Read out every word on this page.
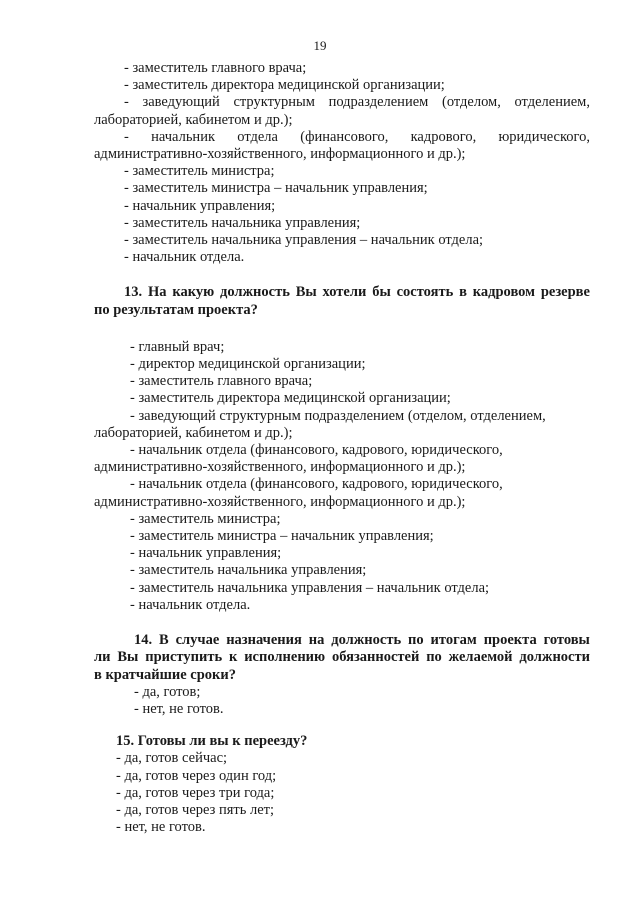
19
- заместитель главного врача;
- заместитель директора медицинской организации;
- заведующий структурным подразделением (отделом, отделением,
лабораторией, кабинетом и др.);
- начальник отдела (финансового, кадрового, юридического,
административно-хозяйственного, информационного и др.);
- заместитель министра;
- заместитель министра – начальник управления;
- начальник управления;
- заместитель начальника управления;
- заместитель начальника управления – начальник отдела;
- начальник отдела.
13. На какую должность Вы хотели бы состоять в кадровом резерве
по результатам проекта?
- главный врач;
- директор медицинской организации;
- заместитель главного врача;
- заместитель директора медицинской организации;
- заведующий структурным подразделением (отделом, отделением,
лабораторией, кабинетом и др.);
- начальник отдела (финансового, кадрового, юридического,
административно-хозяйственного, информационного и др.);
- начальник отдела (финансового, кадрового, юридического,
административно-хозяйственного, информационного и др.);
- заместитель министра;
- заместитель министра – начальник управления;
- начальник управления;
- заместитель начальника управления;
- заместитель начальника управления – начальник отдела;
- начальник отдела.
14. В случае назначения на должность по итогам проекта готовы
ли Вы приступить к исполнению обязанностей по желаемой должности
в кратчайшие сроки?
- да, готов;
- нет, не готов.
15. Готовы ли вы к переезду?
- да, готов сейчас;
- да, готов через один год;
- да, готов через три года;
- да, готов через пять лет;
- нет, не готов.
